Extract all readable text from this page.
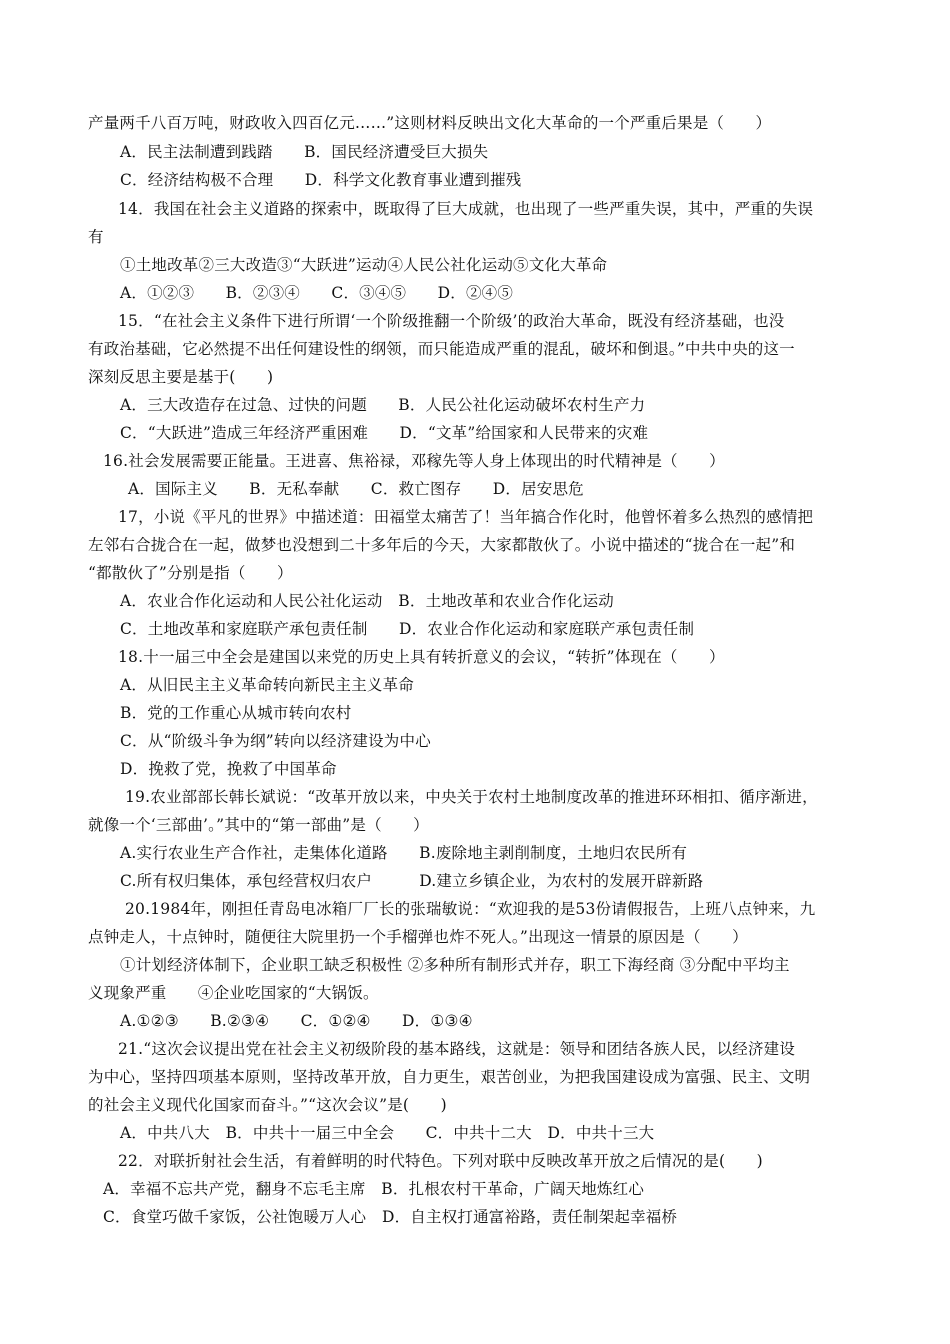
产量两千八百万吨，财政收入四百亿元……”这则材料反映出文化大革命的一个严重后果是（　　）
A．民主法制遭到践踏　　B．国民经济遭受巨大损失
C．经济结构极不合理　　D．科学文化教育事业遭到摧残
14．我国在社会主义道路的探索中，既取得了巨大成就，也出现了一些严重失误，其中，严重的失误
有
①土地改革②三大改造③“大跃进”运动④人民公社化运动⑤文化大革命
A．①②③　　B．②③④　　C．③④⑤　　D．②④⑤
15．“在社会主义条件下进行所谓‘一个阶级推翻一个阶级’的政治大革命，既没有经济基础，也没
有政治基础，它必然提不出任何建设性的纲领，而只能造成严重的混乱，破坏和倒退。”中共中央的这一
深刻反思主要是基于(　　)
A．三大改造存在过急、过快的问题　　B．人民公社化运动破坏农村生产力
C．“大跃进”造成三年经济严重困难　　D．“文革”给国家和人民带来的灾难
16.社会发展需要正能量。王进喜、焦裕禄，邓稼先等人身上体现出的时代精神是（　　）
A．国际主义　　B．无私奉献　　C．救亡图存　　D．居安思危
17，小说《平凡的世界》中描述道：田福堂太痛苦了！当年搞合作化时，他曾怀着多么热烈的感情把
左邻右合拢合在一起，做梦也没想到二十多年后的今天，大家都散伙了。小说中描述的“拢合在一起”和
“都散伙了”分别是指（　　）
A．农业合作化运动和人民公社化运动　B．土地改革和农业合作化运动
C．土地改革和家庭联产承包责任制　　D．农业合作化运动和家庭联产承包责任制
18.十一届三中全会是建国以来党的历史上具有转折意义的会议，“转折”体现在（　　）
A．从旧民主主义革命转向新民主主义革命
B．党的工作重心从城市转向农村
C．从“阶级斗争为纲”转向以经济建设为中心
D．挽救了党，挽救了中国革命
19.农业部部长韩长斌说：“改革开放以来，中央关于农村土地制度改革的推进环环相扣、循序渐进，
就像一个‘三部曲’。”其中的“第一部曲”是（　　）
A.实行农业生产合作社，走集体化道路　　B.废除地主剥削制度，土地归农民所有
C.所有权归集体，承包经营权归农户　　　D.建立乡镇企业，为农村的发展开辟新路
20.1984年，刚担任青岛电冰箱厂厂长的张瑞敏说：“欢迎我的是53份请假报告，上班八点钟来，九
点钟走人，十点钟时，随便往大院里扔一个手榴弹也炸不死人。”出现这一情景的原因是（　　）
①计划经济体制下，企业职工缺乏积极性 ②多种所有制形式并存，职工下海经商 ③分配中平均主
义现象严重　　④企业吃国家的“大锅饭。
A.①②③　　B.②③④　　C．①②④　　D．①③④
21.“这次会议提出党在社会主义初级阶段的基本路线，这就是：领导和团结各族人民，以经济建设
为中心，坚持四项基本原则，坚持改革开放，自力更生，艰苦创业，为把我国建设成为富强、民主、文明
的社会主义现代化国家而奋斗。”“这次会议”是(　　)
A．中共八大　B．中共十一届三中全会　　C．中共十二大　D．中共十三大
22．对联折射社会生活，有着鲜明的时代特色。下列对联中反映改革开放之后情况的是(　　)
A．幸福不忘共产党，翻身不忘毛主席　B．扎根农村干革命，广阔天地炼红心
C．食堂巧做千家饭，公社饱暖万人心　D．自主权打通富裕路，责任制架起幸福桥
